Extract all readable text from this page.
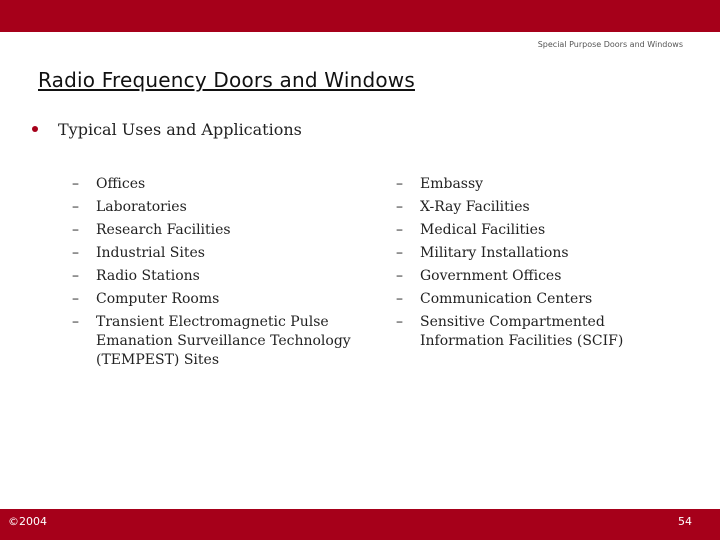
Special Purpose Doors and Windows
Radio Frequency Doors and Windows
Typical Uses and Applications
–	Offices
–	Laboratories
–	Research Facilities
–	Industrial Sites
–	Radio Stations
–	Computer Rooms
–	Transient Electromagnetic Pulse Emanation Surveillance Technology (TEMPEST) Sites
–	Embassy
–	X-Ray Facilities
–	Medical Facilities
–	Military Installations
–	Government Offices
–	Communication Centers
–	Sensitive Compartmented Information Facilities (SCIF)
©2004	54
